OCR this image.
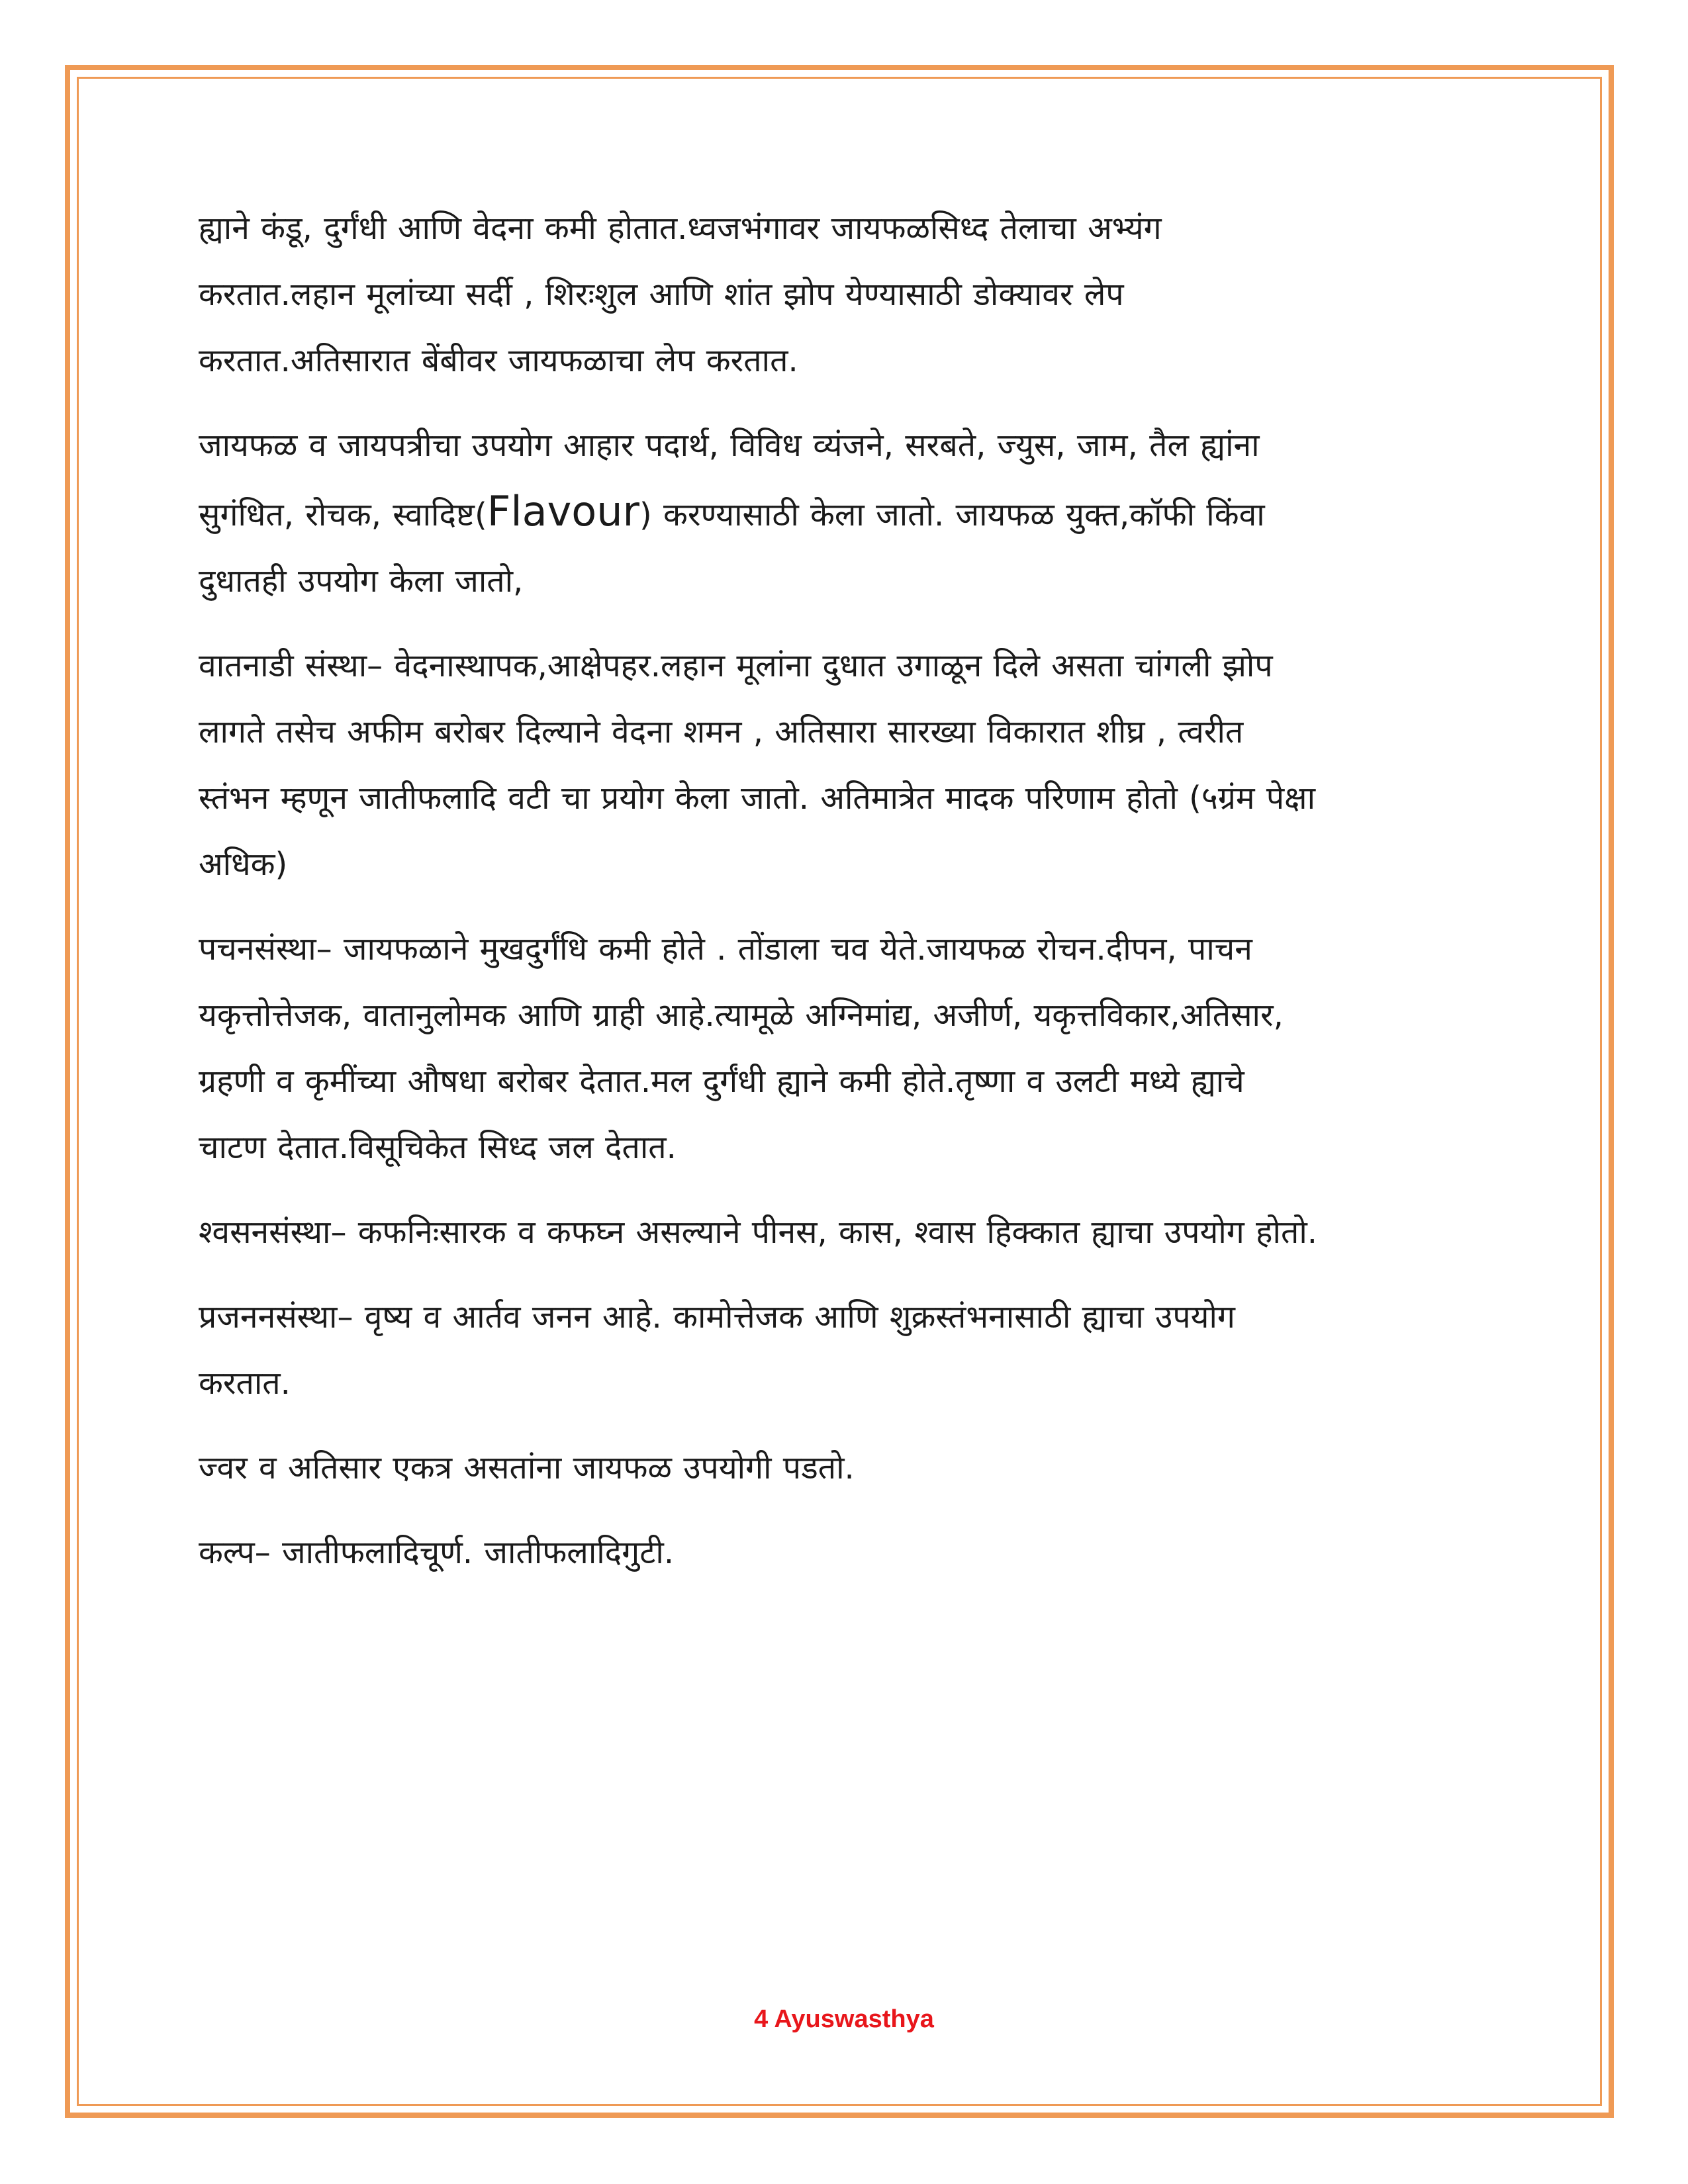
ह्याने कंडू, दुर्गंधी आणि वेदना कमी होतात.ध्वजभंगावर जायफळसिध्द तेलाचा अभ्यंग
करतात.लहान मूलांच्या सर्दी , शिरःशुल आणि शांत झोप येण्यासाठी डोक्यावर लेप
करतात.अतिसारात बेंबीवर जायफळाचा लेप करतात.

जायफळ व जायपत्रीचा उपयोग आहार पदार्थ, विविध व्यंजने, सरबते, ज्युस, जाम, तैल ह्यांना
सुगंधित, रोचक, स्वादिष्ट(Flavour) करण्यासाठी केला जातो. जायफळ युक्त,कॉफी किंवा
दुधातही उपयोग केला जातो,

वातनाडी संस्था– वेदनास्थापक,आक्षेपहर.लहान मूलांना दुधात उगाळून दिले असता चांगली झोप
लागते तसेच अफीम बरोबर दिल्याने वेदना शमन , अतिसारा सारख्या विकारात शीघ्र , त्वरीत
स्तंभन म्हणून जातीफलादि वटी चा प्रयोग केला जातो. अतिमात्रेत मादक परिणाम होतो (५ग्रंम पेक्षा
अधिक)

पचनसंस्था– जायफळाने मुखदुर्गंधि कमी होते . तोंडाला चव येते.जायफळ रोचन.दीपन, पाचन
यकृत्तोत्तेजक, वातानुलोमक आणि ग्राही आहे.त्यामूळे अग्निमांद्य, अजीर्ण, यकृत्तविकार,अतिसार,
ग्रहणी व कृमींच्या औषधा बरोबर देतात.मल दुर्गंधी ह्याने कमी होते.तृष्णा व उलटी मध्ये ह्याचे
चाटण देतात.विसूचिकेत सिध्द जल देतात.

श्वसनसंस्था– कफनिःसारक व कफघ्न असल्याने पीनस, कास, श्वास हिक्कात ह्याचा उपयोग होतो.

प्रजननसंस्था– वृष्य व आर्तव जनन आहे. कामोत्तेजक आणि शुक्रस्तंभनासाठी ह्याचा उपयोग
करतात.

ज्वर व अतिसार एकत्र असतांना जायफळ उपयोगी पडतो.

कल्प– जातीफलादिचूर्ण. जातीफलादिगुटी.

4 Ayuswasthya
